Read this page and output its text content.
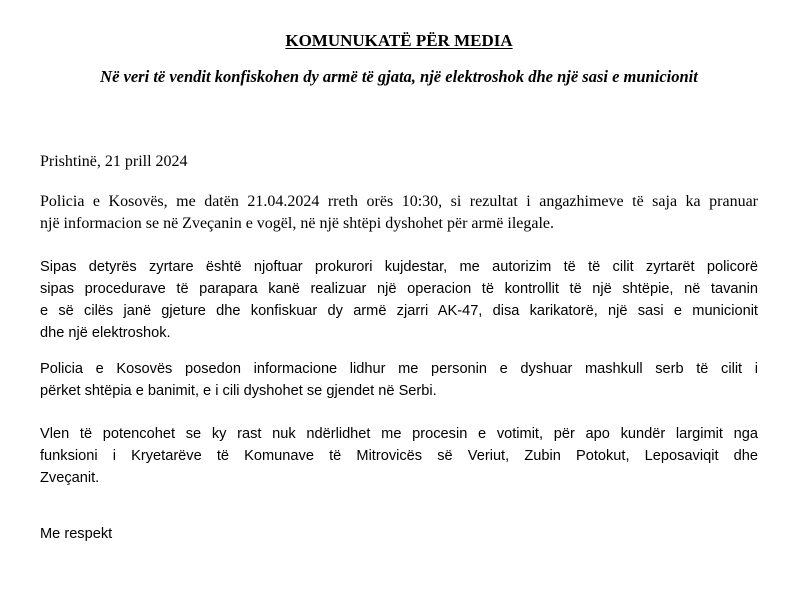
KOMUNUKATË PËR MEDIA
Në veri të vendit konfiskohen dy armë të gjata, një elektroshok dhe një sasi e municionit
Prishtinë, 21 prill 2024
Policia e Kosovës, me datën 21.04.2024 rreth orës 10:30, si rezultat i angazhimeve të saja ka pranuar
një informacion se në Zveçanin e vogël, në një shtëpi dyshohet për armë ilegale.
Sipas detyrës zyrtare është njoftuar prokurori kujdestar, me autorizim të të cilit zyrtarët policorë
sipas procedurave të parapara kanë realizuar një operacion të kontrollit të një shtëpie, në tavanin
e së cilës janë gjeture dhe konfiskuar dy armë zjarri AK-47, disa karikatorë, një sasi e municionit
dhe një elektroshok.
Policia e Kosovës posedon informacione lidhur me personin e dyshuar mashkull serb të cilit i
përket shtëpia e banimit, e i cili dyshohet se gjendet në Serbi.
Vlen të potencohet se ky rast nuk ndërlidhet me procesin e votimit, për apo kundër largimit nga
funksioni i Kryetarëve të Komunave të Mitrovicës së Veriut, Zubin Potokut, Leposaviqit dhe
Zveçanit.
Me respekt
